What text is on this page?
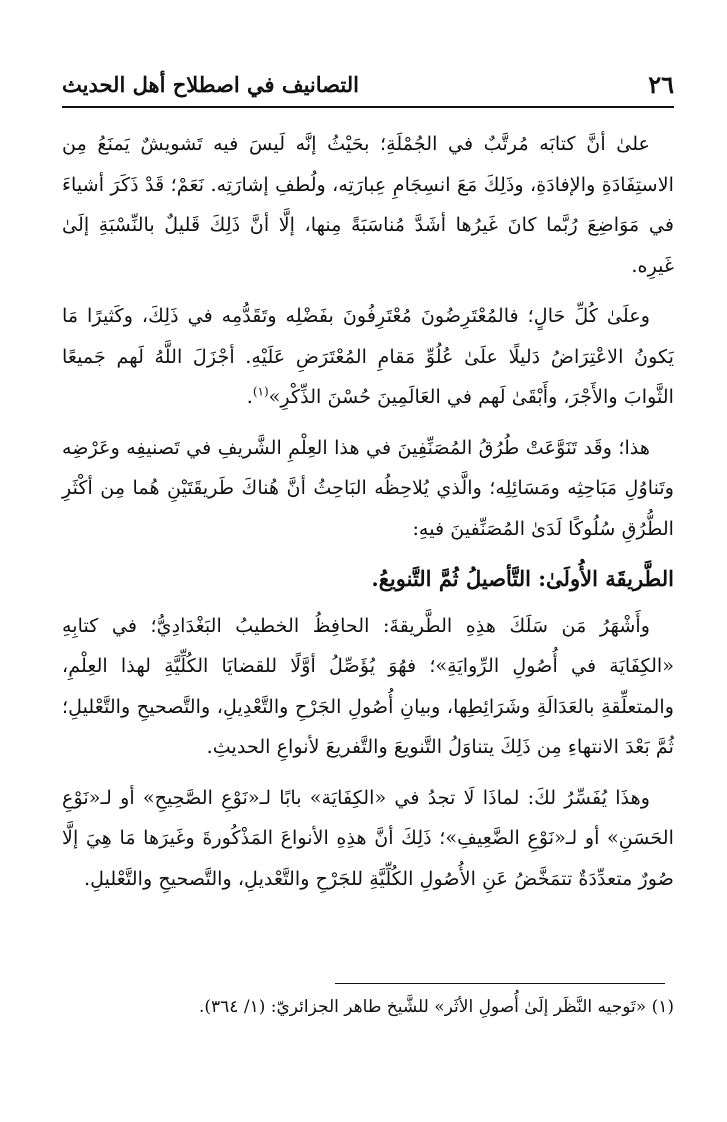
٢٦
التصانيف في اصطلاح أهل الحديث

علىٰ أنَّ كتابَه مُرتَّبٌ في الجُمْلَةِ؛ بحَيْثُ إنَّه لَيسَ فيه تَشويشٌ يَمنَعُ مِن الاستِفَادَةِ والإفادَةِ، وذَلِكَ مَعَ انسِجَامِ عِبارَتِه، ولُطفِ إشارَتِه. نَعَمْ؛ قَدْ ذَكَرَ أشياءَ في مَوَاضِعَ رُبَّما كانَ غَيرُها أشَدَّ مُناسَبَةً مِنها، إلَّا أنَّ ذَلِكَ قَليلٌ بالنِّسْبَةِ إلَىٰ غَيرِه.

وعلَىٰ كُلِّ حَالٍ؛ فالمُعْتَرِضُونَ مُعْتَرِفُونَ بفَضْلِه وتَقَدُّمِه في ذَلِكَ، وكَثيرًا مَا يَكونُ الاعْتِرَاضُ دَليلًا علَىٰ عُلُوِّ مَقامِ المُعْتَرَضِ عَلَيْهِ. أجْزَلَ اللَّهُ لَهم جَميعًا الثَّوابَ والأَجْرَ، وأَبْقَىٰ لَهم في العَالَمِينَ حُسْنَ الذِّكْرِ»$^{(١)}$.

هذا؛ وقَد تَنَوَّعَتْ طُرُقُ المُصَنِّفِينَ في هذا العِلْمِ الشَّريفِ في تَصنيفِه وعَرْضِه وتَناوُلِ مَبَاحِثِه ومَسَائِلِه؛ والَّذي يُلاحِظُه البَاحِثُ أنَّ هُناكَ طَريقَتَيْنِ هُما مِن أكْثَرِ الطُّرُقِ سُلُوكًا لَدَىٰ المُصَنِّفينَ فيهِ:

الطَّريقَة الأُولَىٰ: التَّأصيلُ ثُمَّ التَّنويعُ.

وأَشْهَرُ مَن سَلَكَ هذِهِ الطَّريقةَ: الحافِظُ الخطيبُ البَغْدَادِيُّ؛ في كتابِهِ «الكِفَايَة في أُصُولِ الرِّوايَةِ»؛ فهُوَ يُؤَصِّلُ أوَّلًا للقضايَا الكُلِّيَّةِ لهذا العِلْمِ، والمتعلِّقةِ بالعَدَالَةِ وشَرَائِطِها، وبيانِ أُصُولِ الجَرْحِ والتَّعْدِيلِ، والتَّصحيحِ والتَّعْليلِ؛ ثُمَّ بَعْدَ الانتهاءِ مِن ذَلِكَ يتناوَلُ التَّنويعَ والتَّفريعَ لأنواعِ الحديثِ.

وهذَا يُفَسِّرُ لكَ: لماذَا لَا تجدُ في «الكِفَايَة» بابًا لـ«نَوْعِ الصَّحِيحِ» أو لـ«نَوْعِ الحَسَنِ» أو لـ«نَوْعِ الضَّعِيفِ»؛ ذَلِكَ أنَّ هذِهِ الأنواعَ المَذْكُورةَ وغَيرَها مَا هِيَ إلَّا صُورٌ متعدِّدَةٌ تتمَخَّضُ عَنِ الأُصُولِ الكُلِّيَّةِ للجَرْحِ والتَّعْديلِ، والتَّصحيحِ والتَّعْليلِ.

(١) «تَوجيه النَّظَر إلَىٰ أُصولِ الأثَر» للشَّيخ طاهر الجزائريّ: (١/ ٣٦٤).
